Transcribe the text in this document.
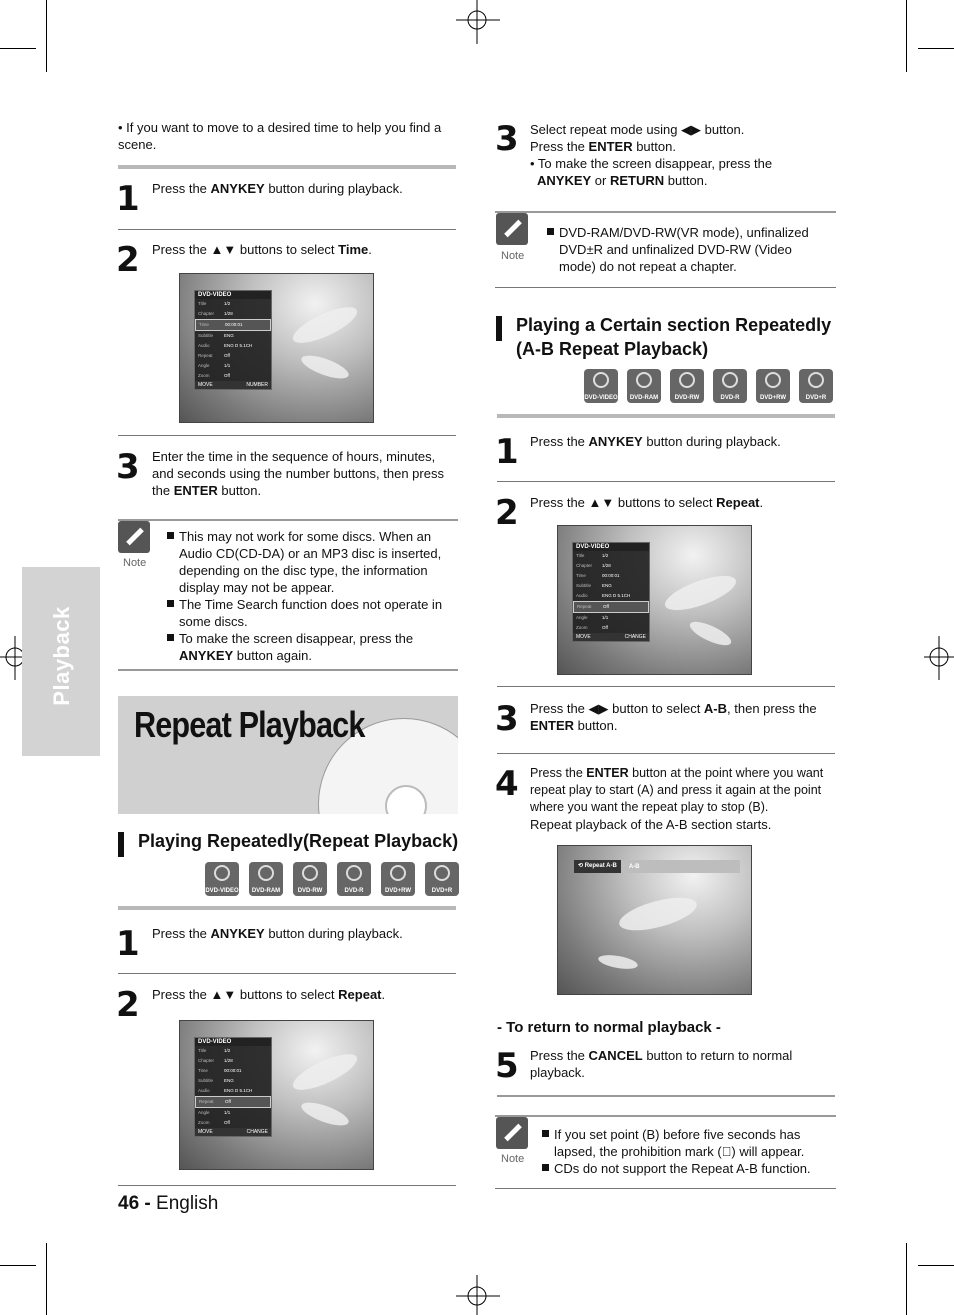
Playback
• If you want to move to a desired time to help you find a scene.
1 Press the ANYKEY button during playback.
2 Press the ▲▼ buttons to select Time.
DVD-VIDEO
Title	1/2
Chapter	1/28
Time	00:00:01
Subtitle	ENG
Audio	ENG D 5.1CH
Repeat	Off
Angle	1/1
Zoom	Off
MOVE	NUMBER
3 Enter the time in the sequence of hours, minutes, and seconds using the number buttons, then press the ENTER button.
Note
This may not work for some discs. When an Audio CD(CD-DA) or an MP3 disc is inserted, depending on the disc type, the information display may not be appear.
The Time Search function does not operate in some discs.
To make the screen disappear, press the ANYKEY button again.
Repeat Playback
Playing Repeatedly(Repeat Playback)
DVD-VIDEO	DVD-RAM	DVD-RW	DVD-R	DVD+RW	DVD+R
1 Press the ANYKEY button during playback.
2 Press the ▲▼ buttons to select Repeat.
DVD-VIDEO
Title	1/2
Chapter	1/28
Time	00:00:01
Subtitle	ENG
Audio	ENG D 5.1CH
Repeat	Off
Angle	1/1
Zoom	Off
MOVE	CHANGE
46 - English
3 Select repeat mode using ◀▶ button.
Press the ENTER button.
• To make the screen disappear, press the
ANYKEY or RETURN button.
Note
DVD-RAM/DVD-RW(VR mode), unfinalized DVD±R and unfinalized DVD-RW (Video mode) do not repeat a chapter.
Playing a Certain section Repeatedly
(A-B Repeat Playback)
DVD-VIDEO	DVD-RAM	DVD-RW	DVD-R	DVD+RW	DVD+R
1 Press the ANYKEY button during playback.
2 Press the ▲▼ buttons to select Repeat.
DVD-VIDEO
Title	1/2
Chapter	1/28
Time	00:00:01
Subtitle	ENG
Audio	ENG D 5.1CH
Repeat	Off
Angle	1/1
Zoom	Off
MOVE	CHANGE
3 Press the ◀▶ button to select A-B, then press the ENTER button.
4 Press the ENTER button at the point where you want repeat play to start (A) and press it again at the point where you want the repeat play to stop (B).
Repeat playback of the A-B section starts.
⟲ Repeat A-B	A-B
- To return to normal playback -
5 Press the CANCEL button to return to normal playback.
Note
If you set point (B) before five seconds has lapsed, the prohibition mark (⃠) will appear.
CDs do not support the Repeat A-B function.
